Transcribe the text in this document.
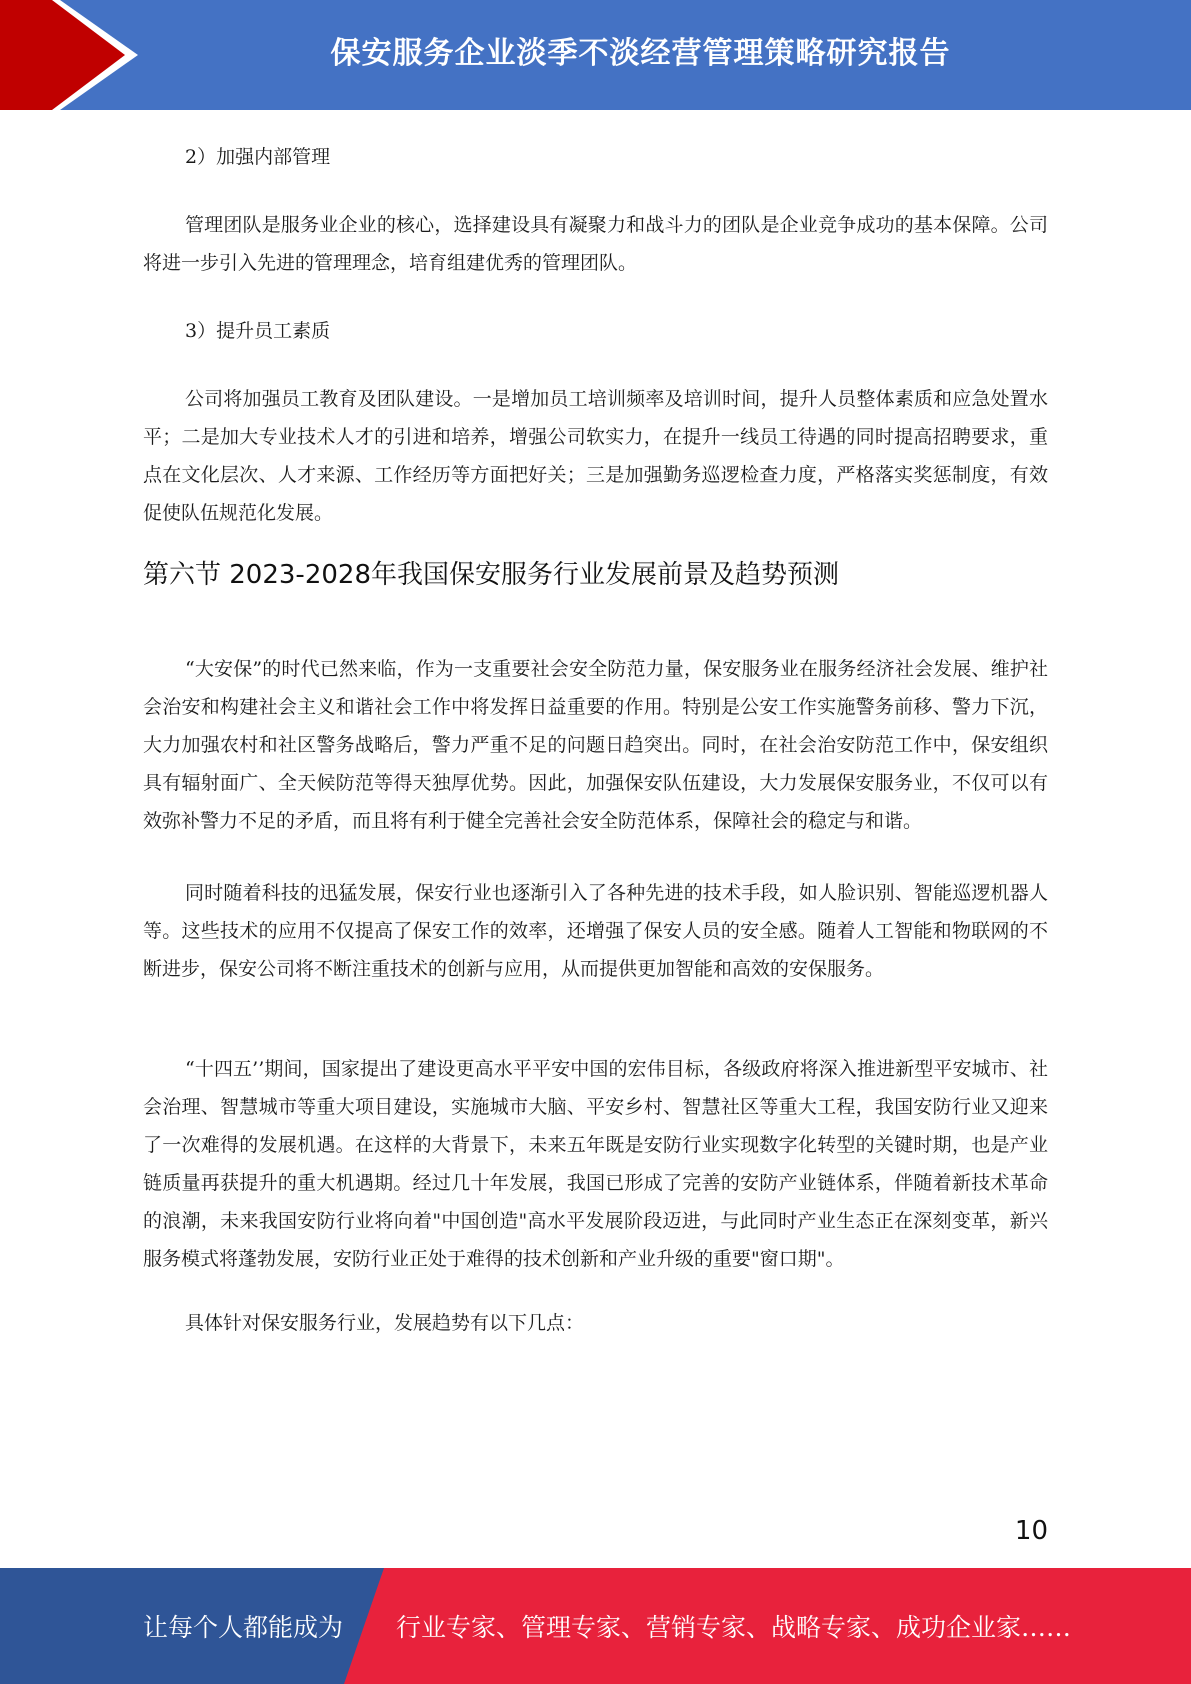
保安服务企业淡季不淡经营管理策略研究报告
2）加强内部管理

管理团队是服务业企业的核心，选择建设具有凝聚力和战斗力的团队是企业竞争成功的基本保障。公司将进一步引入先进的管理理念，培育组建优秀的管理团队。

3）提升员工素质

公司将加强员工教育及团队建设。一是增加员工培训频率及培训时间，提升人员整体素质和应急处置水平；二是加大专业技术人才的引进和培养，增强公司软实力，在提升一线员工待遇的同时提高招聘要求，重点在文化层次、人才来源、工作经历等方面把好关；三是加强勤务巡逻检查力度，严格落实奖惩制度，有效促使队伍规范化发展。

第六节 2023-2028年我国保安服务行业发展前景及趋势预测

“大安保”的时代已然来临，作为一支重要社会安全防范力量，保安服务业在服务经济社会发展、维护社会治安和构建社会主义和谐社会工作中将发挥日益重要的作用。特别是公安工作实施警务前移、警力下沉，大力加强农村和社区警务战略后，警力严重不足的问题日趋突出。同时，在社会治安防范工作中，保安组织具有辐射面广、全天候防范等得天独厚优势。因此，加强保安队伍建设，大力发展保安服务业，不仅可以有效弥补警力不足的矛盾，而且将有利于健全完善社会安全防范体系，保障社会的稳定与和谐。

同时随着科技的迅猛发展，保安行业也逐渐引入了各种先进的技术手段，如人脸识别、智能巡逻机器人等。这些技术的应用不仅提高了保安工作的效率，还增强了保安人员的安全感。随着人工智能和物联网的不断进步，保安公司将不断注重技术的创新与应用，从而提供更加智能和高效的安保服务。

“十四五’’期间，国家提出了建设更高水平平安中国的宏伟目标，各级政府将深入推进新型平安城市、社会治理、智慧城市等重大项目建设，实施城市大脑、平安乡村、智慧社区等重大工程，我国安防行业又迎来了一次难得的发展机遇。在这样的大背景下，未来五年既是安防行业实现数字化转型的关键时期，也是产业链质量再获提升的重大机遇期。经过几十年发展，我国已形成了完善的安防产业链体系，伴随着新技术革命的浪潮，未来我国安防行业将向着"中国创造"高水平发展阶段迈进，与此同时产业生态正在深刻变革，新兴服务模式将蓬勃发展，安防行业正处于难得的技术创新和产业升级的重要"窗口期"。

具体针对保安服务行业，发展趋势有以下几点：

10
让每个人都能成为 行业专家、管理专家、营销专家、战略专家、成功企业家……
